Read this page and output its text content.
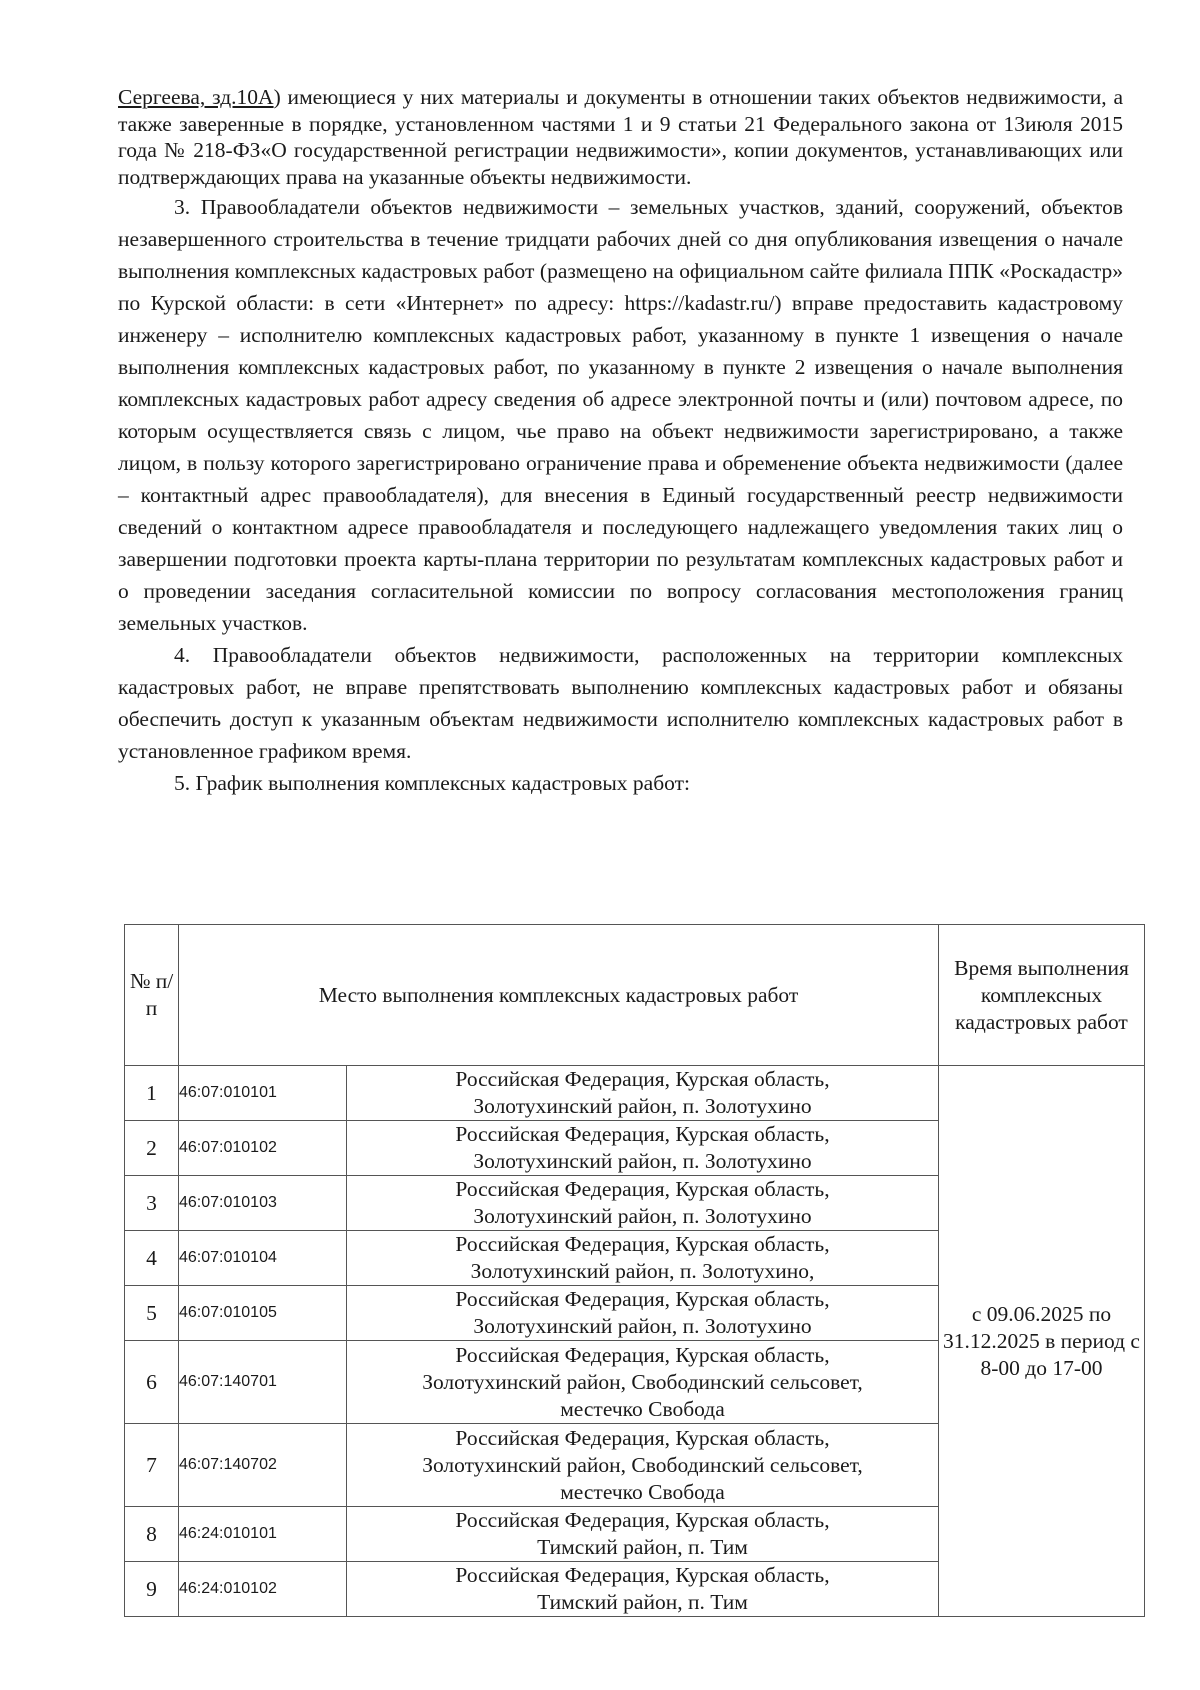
Сергеева, зд.10А) имеющиеся у них материалы и документы в отношении таких объектов недвижимости, а также заверенные в порядке, установленном частями 1 и 9 статьи 21 Федерального закона от 13июля 2015 года № 218-ФЗ«О государственной регистрации недвижимости», копии документов, устанавливающих или подтверждающих права на указанные объекты недвижимости.

3. Правообладатели объектов недвижимости – земельных участков, зданий, сооружений, объектов незавершенного строительства в течение тридцати рабочих дней со дня опубликования извещения о начале выполнения комплексных кадастровых работ (размещено на официальном сайте филиала ППК «Роскадастр» по Курской области: в сети «Интернет» по адресу: https://kadastr.ru/) вправе предоставить кадастровому инженеру – исполнителю комплексных кадастровых работ, указанному в пункте 1 извещения о начале выполнения комплексных кадастровых работ, по указанному в пункте 2 извещения о начале выполнения комплексных кадастровых работ адресу сведения об адресе электронной почты и (или) почтовом адресе, по которым осуществляется связь с лицом, чье право на объект недвижимости зарегистрировано, а также лицом, в пользу которого зарегистрировано ограничение права и обременение объекта недвижимости (далее – контактный адрес правообладателя), для внесения в Единый государственный реестр недвижимости сведений о контактном адресе правообладателя и последующего надлежащего уведомления таких лиц о завершении подготовки проекта карты-плана территории по результатам комплексных кадастровых работ и о проведении заседания согласительной комиссии по вопросу согласования местоположения границ земельных участков.

4. Правообладатели объектов недвижимости, расположенных на территории комплексных кадастровых работ, не вправе препятствовать выполнению комплексных кадастровых работ и обязаны обеспечить доступ к указанным объектам недвижимости исполнителю комплексных кадастровых работ в установленное графиком время.

5. График выполнения комплексных кадастровых работ:

№ п/п	Место выполнения комплексных кадастровых работ		Время выполнения комплексных кадастровых работ
1	46:07:010101	Российская Федерация, Курская область,
Золотухинский район, п. Золотухино	с 09.06.2025 по 31.12.2025 в период с 8-00 до 17-00
2	46:07:010102	Российская Федерация, Курская область,
Золотухинский район, п. Золотухино	

3	46:07:010103	Российская Федерация, Курская область,
Золотухинский район, п. Золотухино	

4	46:07:010104	Российская Федерация, Курская область,
Золотухинский район, п. Золотухино,	

5	46:07:010105	Российская Федерация, Курская область,
Золотухинский район, п. Золотухино	

6	46:07:140701	Российская Федерация, Курская область,
Золотухинский район, Свободинский сельсовет,
местечко Свобода	

7	46:07:140702	Российская Федерация, Курская область,
Золотухинский район, Свободинский сельсовет,
местечко Свобода	

8	46:24:010101	Российская Федерация, Курская область,
Тимский район, п. Тим	

9	46:24:010102	Российская Федерация, Курская область,
Тимский район, п. Тим	
